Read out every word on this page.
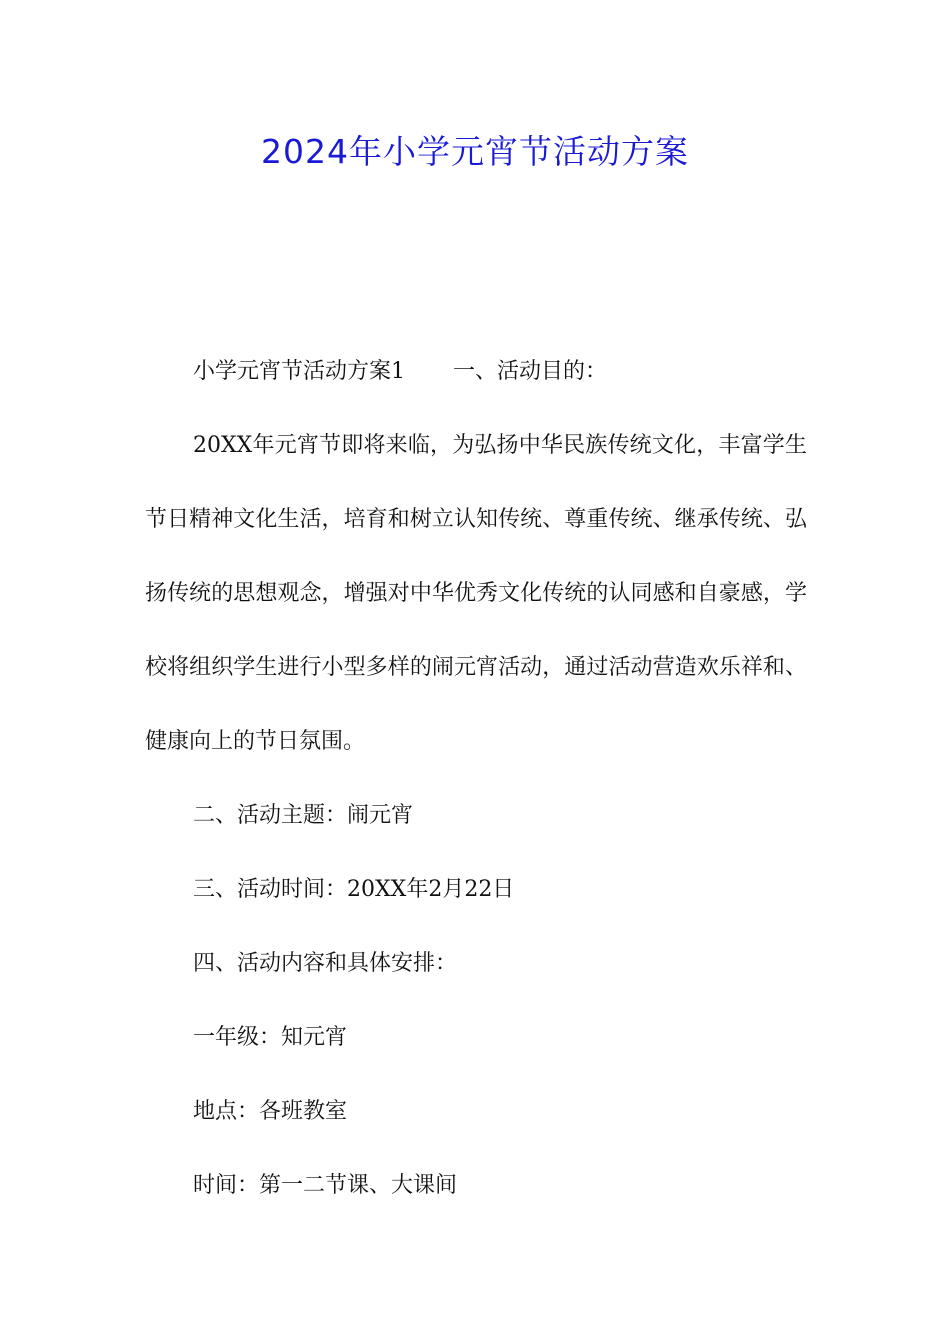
2024年小学元宵节活动方案

小学元宵节活动方案1 一、活动目的：

20XX年元宵节即将来临，为弘扬中华民族传统文化，丰富学生节日精神文化生活，培育和树立认知传统、尊重传统、继承传统、弘扬传统的思想观念，增强对中华优秀文化传统的认同感和自豪感，学校将组织学生进行小型多样的闹元宵活动，通过活动营造欢乐祥和、健康向上的节日氛围。

二、活动主题：闹元宵

三、活动时间：20XX年2月22日

四、活动内容和具体安排：

一年级：知元宵

地点：各班教室

时间：第一二节课、大课间
